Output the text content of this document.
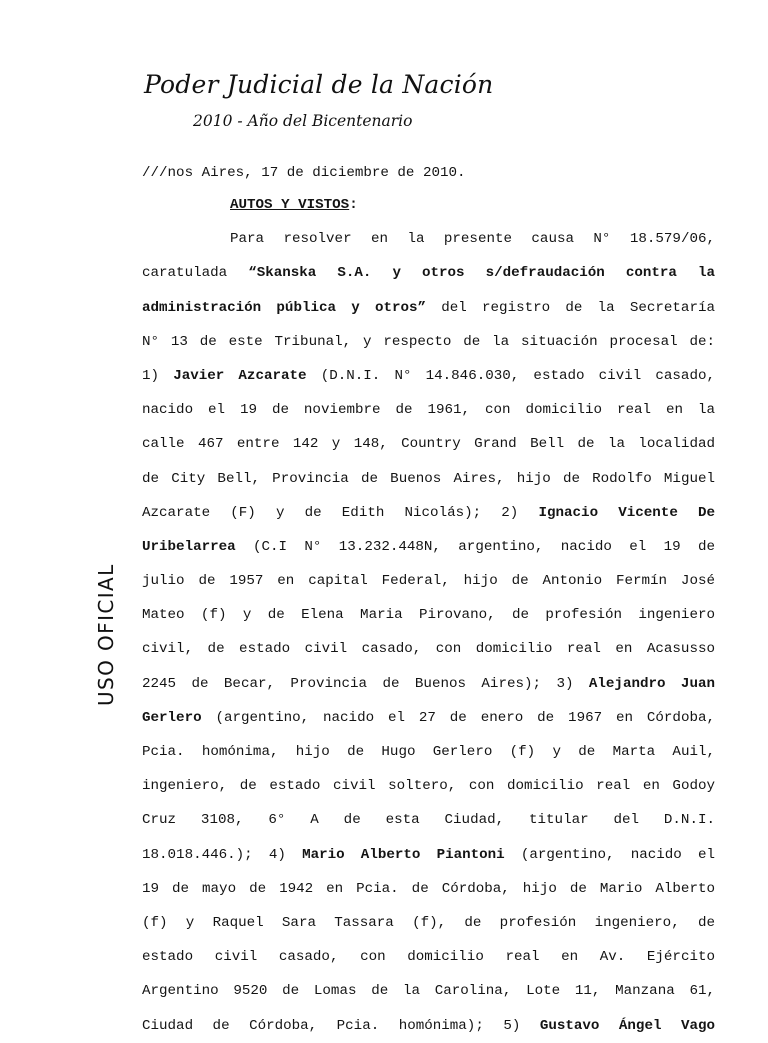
Poder Judicial de la Nación
2010 - Año del Bicentenario
USO OFICIAL
///nos Aires, 17 de diciembre de 2010.
AUTOS Y VISTOS:
Para resolver en la presente causa N° 18.579/06,
caratulada “Skanska S.A. y otros s/defraudación contra la
administración pública y otros” del registro de la Secretaría
N° 13 de este Tribunal, y respecto de la situación procesal de:
1) Javier Azcarate (D.N.I. N° 14.846.030, estado civil casado,
nacido el 19 de noviembre de 1961, con domicilio real en la
calle 467 entre 142 y 148, Country Grand Bell de la localidad
de City Bell, Provincia de Buenos Aires, hijo de Rodolfo Miguel
Azcarate (F) y de Edith Nicolás); 2) Ignacio Vicente De
Uribelarrea (C.I N° 13.232.448N, argentino, nacido el 19 de
julio de 1957 en capital Federal, hijo de Antonio Fermín José
Mateo (f) y de Elena Maria Pirovano, de profesión ingeniero
civil, de estado civil casado, con domicilio real en Acasusso
2245 de Becar, Provincia de Buenos Aires); 3) Alejandro Juan
Gerlero (argentino, nacido el 27 de enero de 1967 en Córdoba,
Pcia. homónima, hijo de Hugo Gerlero (f) y de Marta Auil,
ingeniero, de estado civil soltero, con domicilio real en Godoy
Cruz 3108, 6° A de esta Ciudad, titular del D.N.I.
18.018.446.); 4) Mario Alberto Piantoni (argentino, nacido el
19 de mayo de 1942 en Pcia. de Córdoba, hijo de Mario Alberto
(f) y Raquel Sara Tassara (f), de profesión ingeniero, de
estado civil casado, con domicilio real en Av. Ejército
Argentino 9520 de Lomas de la Carolina, Lote 11, Manzana 61,
Ciudad de Córdoba, Pcia. homónima); 5) Gustavo Ángel Vago
